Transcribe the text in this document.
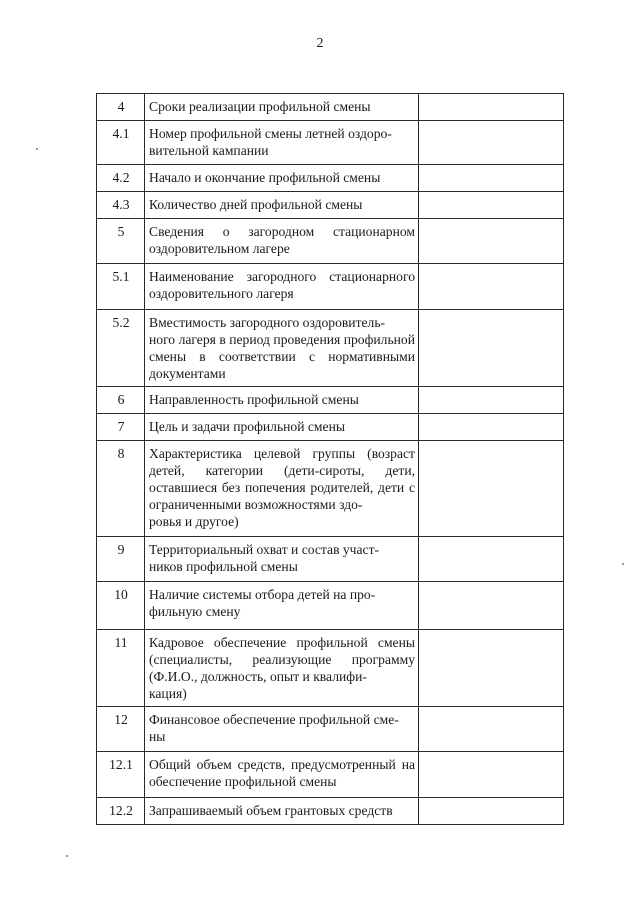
2
4	Сроки реализации профильной смены	
4.1	Номер профильной смены летней оздоро-
вительной кампании	
4.2	Начало и окончание профильной смены	
4.3	Количество дней профильной смены	
5	Сведения о загородном стационарном оздоровительном лагере	
5.1	Наименование загородного стационарного оздоровительного лагеря	
5.2	Вместимость загородного оздоровитель-
ного лагеря в период проведения профильной смены в соответствии с нормативными документами	
6	Направленность профильной смены	
7	Цель и задачи профильной смены	
8	Характеристика целевой группы (возраст детей, категории (дети-сироты, дети, оставшиеся без попечения родителей, дети с ограниченными возможностями здо-
ровья и другое)	
9	Территориальный охват и состав участ-
ников профильной смены	
10	Наличие системы отбора детей на про-
фильную смену	
11	Кадровое обеспечение профильной смены (специалисты, реализующие программу (Ф.И.О., должность, опыт и квалифи-
кация)	
12	Финансовое обеспечение профильной сме-
ны	
12.1	Общий объем средств, предусмотренный на обеспечение профильной смены	
12.2	Запрашиваемый объем грантовых средств	
